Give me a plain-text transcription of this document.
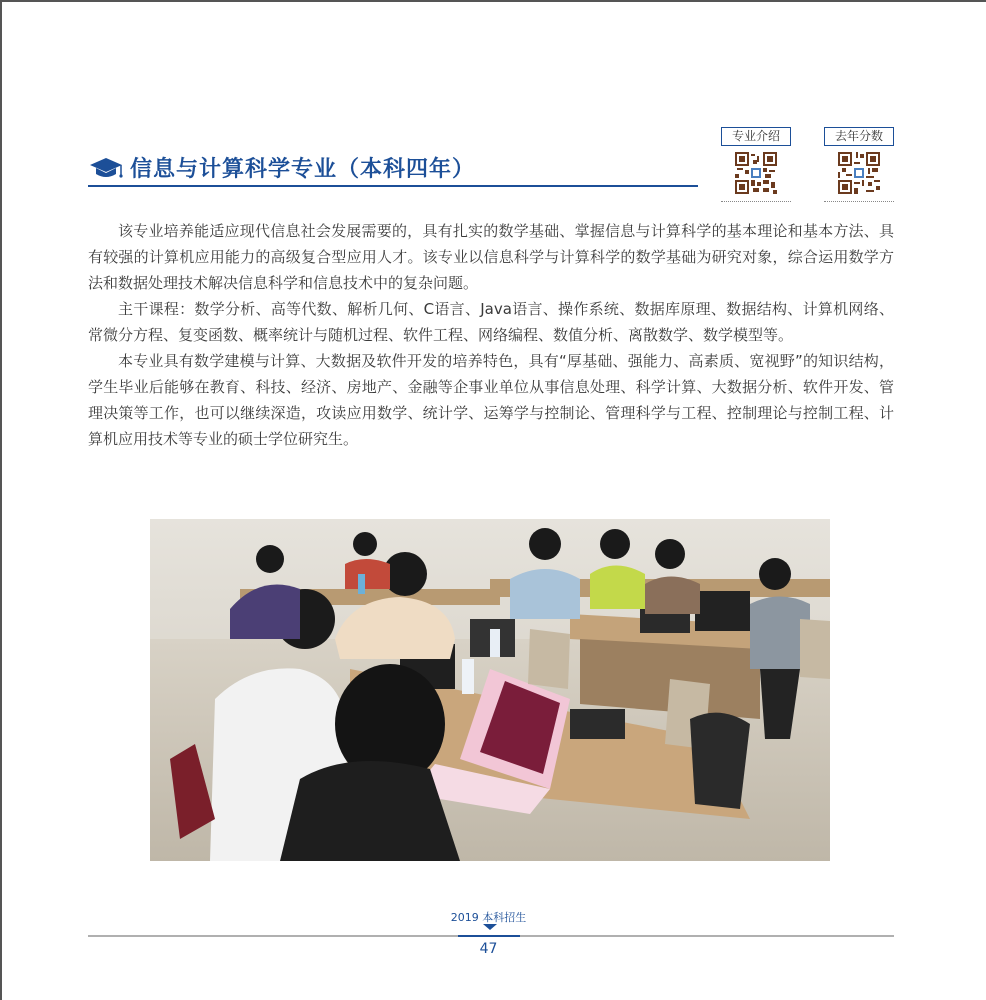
信息与计算科学专业（本科四年）
专业介绍	去年分数

该专业培养能适应现代信息社会发展需要的，具有扎实的数学基础、掌握信息与计算科学的基本理论和基本方法、具有较强的计算机应用能力的高级复合型应用人才。该专业以信息科学与计算科学的数学基础为研究对象，综合运用数学方法和数据处理技术解决信息科学和信息技术中的复杂问题。

主干课程：数学分析、高等代数、解析几何、C语言、Java语言、操作系统、数据库原理、数据结构、计算机网络、常微分方程、复变函数、概率统计与随机过程、软件工程、网络编程、数值分析、离散数学、数学模型等。

本专业具有数学建模与计算、大数据及软件开发的培养特色，具有“厚基础、强能力、高素质、宽视野”的知识结构，学生毕业后能够在教育、科技、经济、房地产、金融等企事业单位从事信息处理、科学计算、大数据分析、软件开发、管理决策等工作，也可以继续深造，攻读应用数学、统计学、运筹学与控制论、管理科学与工程、控制理论与控制工程、计算机应用技术等专业的硕士学位研究生。

2019 本科招生
47
